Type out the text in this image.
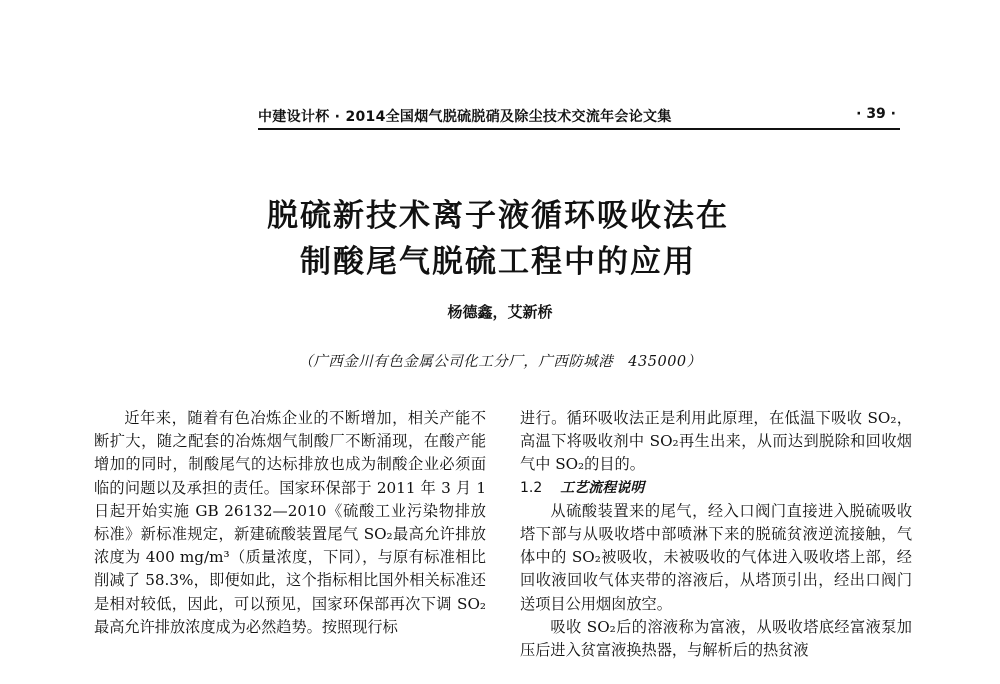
中建设计杯 · 2014全国烟气脱硫脱硝及除尘技术交流年会论文集	· 39 ·
脱硫新技术离子液循环吸收法在
制酸尾气脱硫工程中的应用
杨德鑫，艾新桥
（广西金川有色金属公司化工分厂，广西防城港　435000）

近年来，随着有色冶炼企业的不断增加，相关产能不断扩大，随之配套的冶炼烟气制酸厂不断涌现，在酸产能增加的同时，制酸尾气的达标排放也成为制酸企业必须面临的问题以及承担的责任。国家环保部于 2011 年 3 月 1 日起开始实施 GB 26132—2010《硫酸工业污染物排放标准》新标准规定，新建硫酸装置尾气 SO₂最高允许排放浓度为 400 mg/m³（质量浓度，下同），与原有标准相比削减了 58.3%，即便如此，这个指标相比国外相关标准还是相对较低，因此，可以预见，国家环保部再次下调 SO₂最高允许排放浓度成为必然趋势。按照现行标

进行。循环吸收法正是利用此原理，在低温下吸收 SO₂，高温下将吸收剂中 SO₂再生出来，从而达到脱除和回收烟气中 SO₂的目的。

1.2 工艺流程说明

从硫酸装置来的尾气，经入口阀门直接进入脱硫吸收塔下部与从吸收塔中部喷淋下来的脱硫贫液逆流接触，气体中的 SO₂被吸收，未被吸收的气体进入吸收塔上部，经回收液回收气体夹带的溶液后，从塔顶引出，经出口阀门送项目公用烟囱放空。

吸收 SO₂后的溶液称为富液，从吸收塔底经富液泵加压后进入贫富液换热器，与解析后的热贫液
